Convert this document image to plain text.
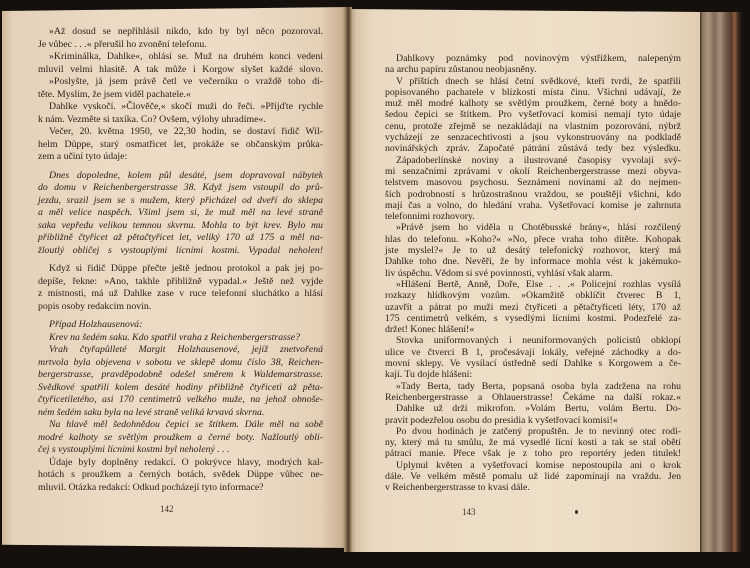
»Až dosud se nepřihlásil nikdo, kdo by byl něco pozoroval.
Je vůbec . . .« přerušil ho zvonění telefonu.
»Kriminálka, Dahlke«, ohlásí se. Muž na druhém konci vedení
mluvil velmi hlasitě. A tak může i Korgow slyšet každé slovo.
»Poslyšte, já jsem právě četl ve večerníku o vraždě toho dí-
těte. Myslím, že jsem viděl pachatele.«
Dahlke vyskočí. »Člověče,« skočí muži do řeči. »Přijďte rychle
k nám. Vezměte si taxíka. Co? Ovšem, výlohy uhradíme«.
Večer, 20. května 1950, ve 22,30 hodin, se dostaví řidič Wil-
helm Düppe, starý osmatřicet let, prokáže se občanským průka-
zem a učiní tyto údaje:
Dnes dopoledne, kolem půl desáté, jsem dopravoval nábytek
do domu v Reichenbergerstrasse 38. Když jsem vstoupil do prů-
jezdu, srazil jsem se s mužem, který přicházel od dveří do sklepa
a měl velice naspěch. Všiml jsem si, že muž měl na levé straně
saka vepředu velikou temnou skvrnu. Mohla to být krev. Bylo mu
přibližně čtyřicet až pětačtyřicet let, veliký 170 až 175 a měl na-
žloutlý obličej s vystouplými lícními kostmi. Vypadal neholen!
Když si řidič Düppe přečte ještě jednou protokol a pak jej po-
depíše, řekne: »Ano, takhle přibližně vypadal.« Ještě než vyjde
z místnosti, má už Dahlke zase v ruce telefonní sluchátko a hlásí
popis osoby redakcím novin.
Případ Holzhausenová:
Krev na šedém saku. Kdo spatřil vraha z Reichenbergerstrasse?
Vrah čtyřapůlleté Margit Holzhausenové, jejíž znetvořená
mrtvola byla objevena v sobotu ve sklepě domu číslo 38, Reichen-
bergerstrasse, pravděpodobně odešel směrem k Waldemarstrasse.
Svědkové spatřili kolem desáté hodiny přibližně čtyřiceti až pěta-
čtyřicetiletého, asi 170 centimetrů velkého muže, na jehož obnoše-
ném šedém saku byla na levé straně veliká krvavá skvrna.
Na hlavě měl šedohnědou čepici se štítkem. Dále měl na sobě
modré kalhoty se světlým proužkem a černé boty. Nažloutlý obli-
čej s vystouplými lícními kostmi byl neholený . . .
Údaje byly doplněny redakcí. O pokrývce hlavy, modrých kal-
hotách s proužkem a černých botách, svědek Düppe vůbec ne-
mluvil. Otázka redakcí: Odkud pocházejí tyto informace?
142
Dahlkovy poznámky pod novinovým výstřižkem, nalepeným
na archu papíru zůstanou neobjasněny.
V příštích dnech se hlásí četní svědkové, kteří tvrdí, že spatřili
popisovaného pachatele v blízkosti místa činu. Všichni udávají, že
muž měl modré kalhoty se světlým proužkem, černé boty a hnědo-
šedou čepici se štítkem. Pro vyšetřovací komisi nemají tyto údaje
cenu, protože zřejmě se nezakládají na vlastním pozorování, nýbrž
vycházejí ze senzacechtivosti a jsou vykonstruovány na podkladě
novinářských zpráv. Započaté pátrání zůstává tedy bez výsledku.
Západoberlínské noviny a ilustrované časopisy vyvolají svý-
mi senzačními zprávami v okolí Reichenbergerstrasse mezi obyva-
telstvem masovou psychosu. Seznámeni novinami až do nejmen-
ších podrobností s hrůzostrašnou vraždou, se pouštějí všichni, kdo
mají čas a volno, do hledání vraha. Vyšetřovací komise je zahrnuta
telefonními rozhovory.
»Právě jsem ho viděla u Chotěbusské brány«, hlásí rozčilený
hlas do telefonu. »Koho?« »No, přece vraha toho dítěte. Kohopak
jste myslel?« Je to už desátý telefonický rozhovor, který má
Dahlke toho dne. Nevěří, že by informace mohla vést k jakémuko-
liv úspěchu. Vědom si své povinnosti, vyhlásí však alarm.
»Hlášení Bertě, Anně, Doře, Else . . .« Policejní rozhlas vysílá
rozkazy hlídkovým vozům. »Okamžitě obklíčit čtverec B 1,
uzavřít a pátrat po muži mezi čtyřiceti a pětačtyřiceti léty, 170 až
175 centimetrů velkém, s vysedlými lícními kostmi. Podezřelé za-
držet! Konec hlášení!«
Stovka uniformovaných i neuniformovaných policistů obklopí
ulice ve čtverci B 1, pročesávají lokály, veřejné záchodky a do-
movní sklepy. Ve vysílací ústředně sedí Dahlke s Korgowem a če-
kají. Tu dojde hlášení:
»Tady Berta, tady Berta, popsaná osoba byla zadržena na rohu
Reichenbergerstrasse a Ohlauerstrasse! Čekáme na další rokaz.«
Dahlke už drží mikrofon. »Volám Bertu, volám Bertu. Do-
pravit podezřelou osobu do presidia k vyšetřovací komisi!«
Po dvou hodinách je zatčený propuštěn. Je to nevinný otec rodi-
ny, který má tu smůlu, že má vysedlé lícní kosti a tak se stal obětí
pátrací manie. Přece však je z toho pro reportéry jeden titulek!
Uplynul květen a vyšetřovací komise nepostoupila ani o krok
dále. Ve velkém městě pomalu už lidé zapomínají na vraždu. Jen
v Reichenbergerstrasse to kvasí dále.
143
